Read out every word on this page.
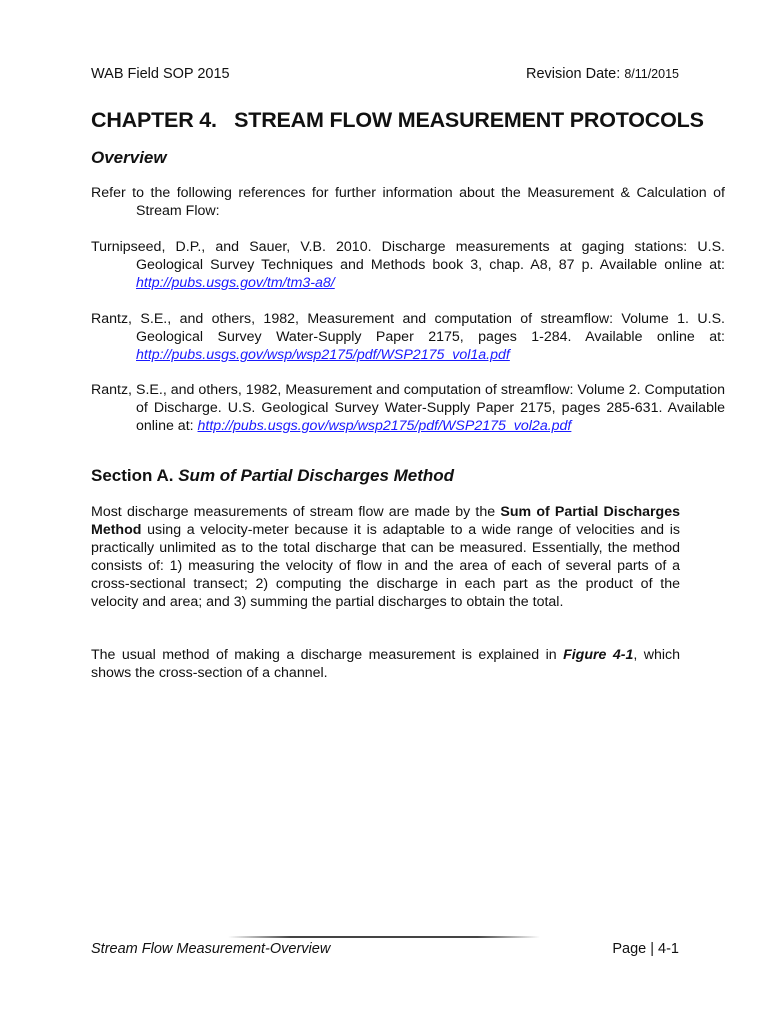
WAB Field SOP 2015	Revision Date: 8/11/2015
CHAPTER 4.   STREAM FLOW MEASUREMENT PROTOCOLS
Overview
Refer to the following references for further information about the Measurement & Calculation of Stream Flow:
Turnipseed, D.P., and Sauer, V.B. 2010. Discharge measurements at gaging stations: U.S. Geological Survey Techniques and Methods book 3, chap. A8, 87 p. Available online at: http://pubs.usgs.gov/tm/tm3-a8/
Rantz, S.E., and others, 1982, Measurement and computation of streamflow: Volume 1. U.S. Geological Survey Water-Supply Paper 2175, pages 1-284. Available online at: http://pubs.usgs.gov/wsp/wsp2175/pdf/WSP2175_vol1a.pdf
Rantz, S.E., and others, 1982, Measurement and computation of streamflow: Volume 2. Computation of Discharge. U.S. Geological Survey Water-Supply Paper 2175, pages 285-631. Available online at: http://pubs.usgs.gov/wsp/wsp2175/pdf/WSP2175_vol2a.pdf
Section A. Sum of Partial Discharges Method
Most discharge measurements of stream flow are made by the Sum of Partial Discharges Method using a velocity-meter because it is adaptable to a wide range of velocities and is practically unlimited as to the total discharge that can be measured. Essentially, the method consists of: 1) measuring the velocity of flow in and the area of each of several parts of a cross-sectional transect; 2) computing the discharge in each part as the product of the velocity and area; and 3) summing the partial discharges to obtain the total.
The usual method of making a discharge measurement is explained in Figure 4-1, which shows the cross-section of a channel.
Stream Flow Measurement-Overview	Page | 4-1
